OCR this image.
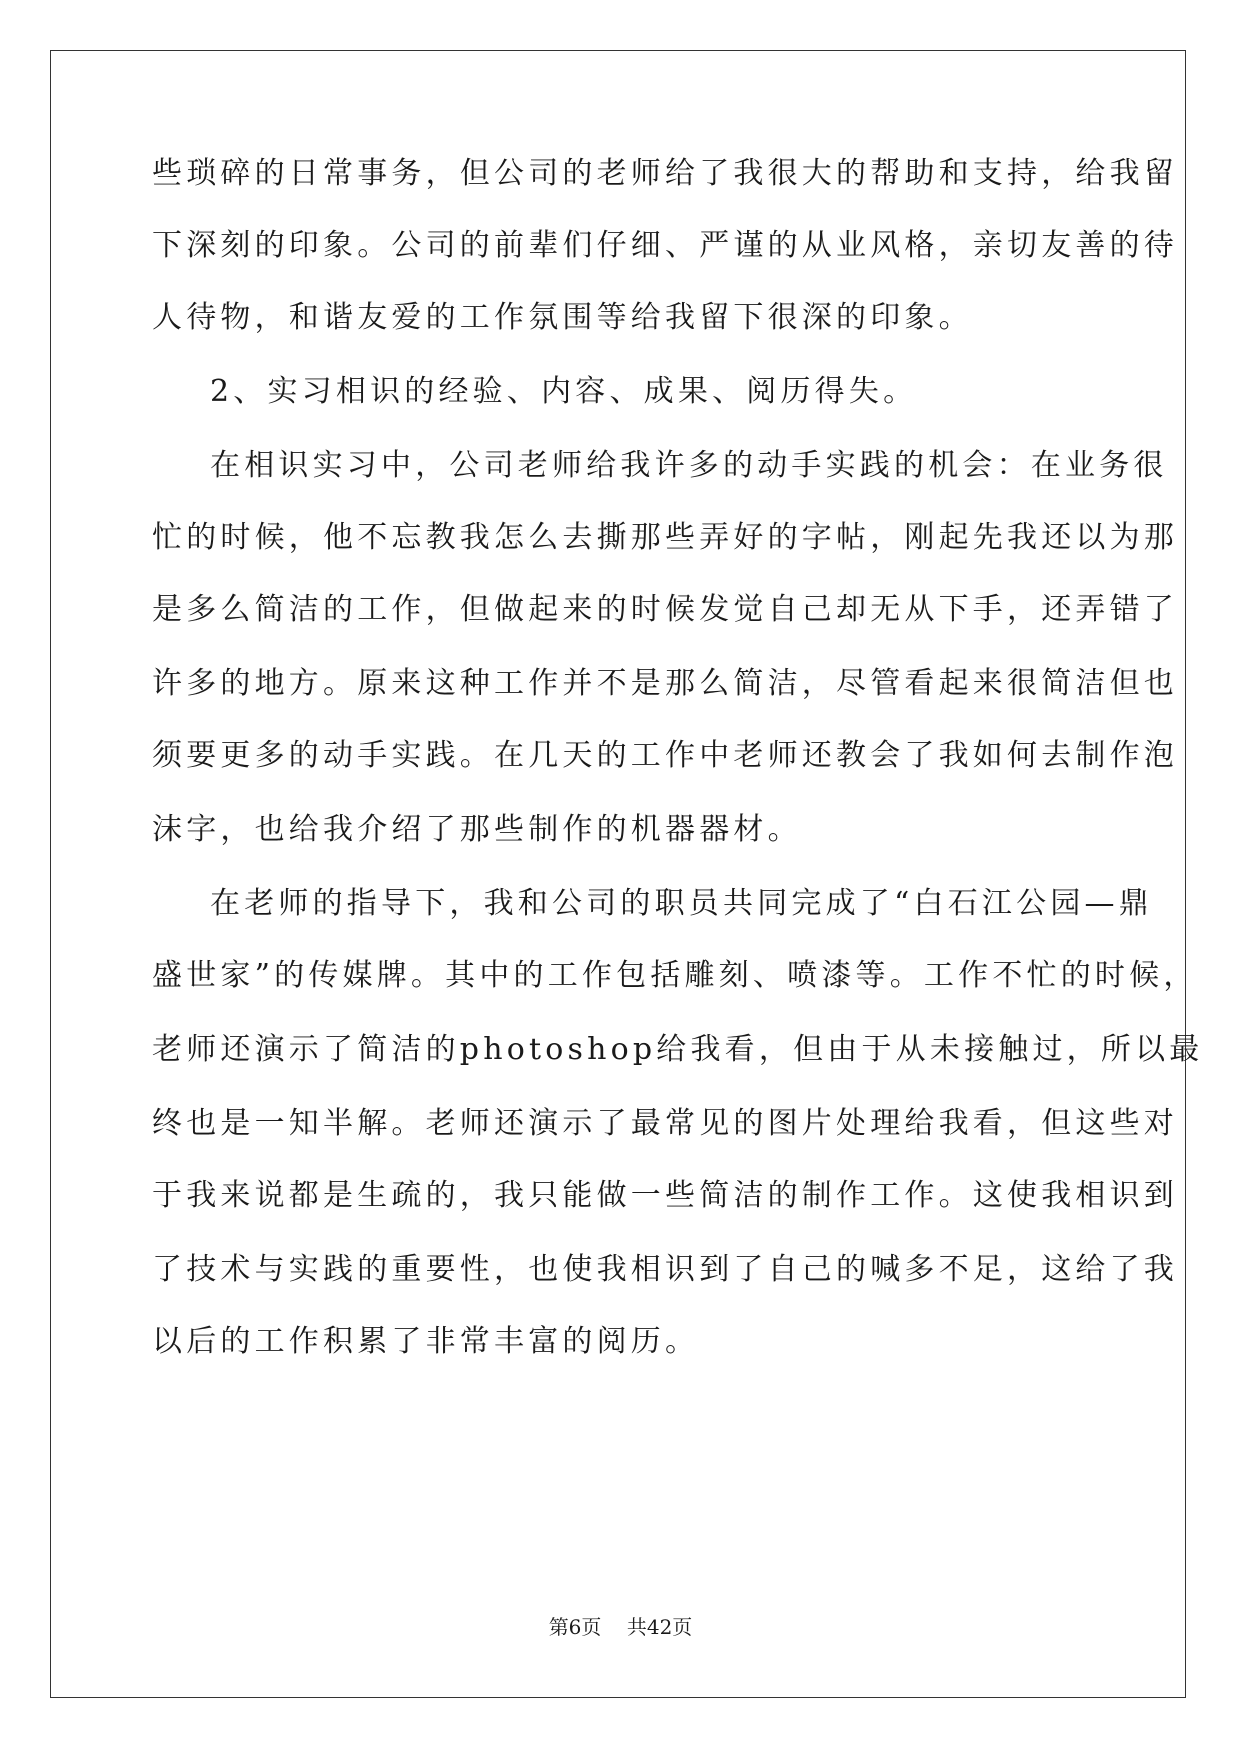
些琐碎的日常事务，但公司的老师给了我很大的帮助和支持，给我留
下深刻的印象。公司的前辈们仔细、严谨的从业风格，亲切友善的待
人待物，和谐友爱的工作氛围等给我留下很深的印象。
2、实习相识的经验、内容、成果、阅历得失。
在相识实习中，公司老师给我许多的动手实践的机会：在业务很
忙的时候，他不忘教我怎么去撕那些弄好的字帖，刚起先我还以为那
是多么简洁的工作，但做起来的时候发觉自己却无从下手，还弄错了
许多的地方。原来这种工作并不是那么简洁，尽管看起来很简洁但也
须要更多的动手实践。在几天的工作中老师还教会了我如何去制作泡
沫字，也给我介绍了那些制作的机器器材。
在老师的指导下，我和公司的职员共同完成了“白石江公园—鼎
盛世家”的传媒牌。其中的工作包括雕刻、喷漆等。工作不忙的时候，
老师还演示了简洁的photoshop给我看，但由于从未接触过，所以最
终也是一知半解。老师还演示了最常见的图片处理给我看，但这些对
于我来说都是生疏的，我只能做一些简洁的制作工作。这使我相识到
了技术与实践的重要性，也使我相识到了自己的喊多不足，这给了我
以后的工作积累了非常丰富的阅历。
第6页    共42页
